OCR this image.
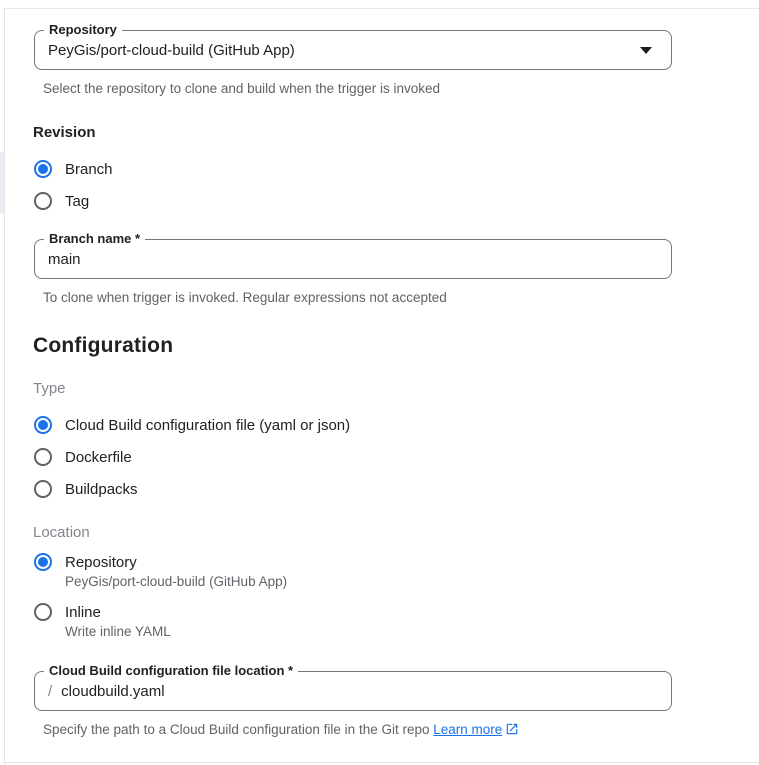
Repository
PeyGis/port-cloud-build (GitHub App)
Select the repository to clone and build when the trigger is invoked
Revision
Branch
Tag
Branch name *
main
To clone when trigger is invoked. Regular expressions not accepted
Configuration
Type
Cloud Build configuration file (yaml or json)
Dockerfile
Buildpacks
Location
Repository
PeyGis/port-cloud-build (GitHub App)
Inline
Write inline YAML
Cloud Build configuration file location *
/
cloudbuild.yaml
Specify the path to a Cloud Build configuration file in the Git repo Learn more
